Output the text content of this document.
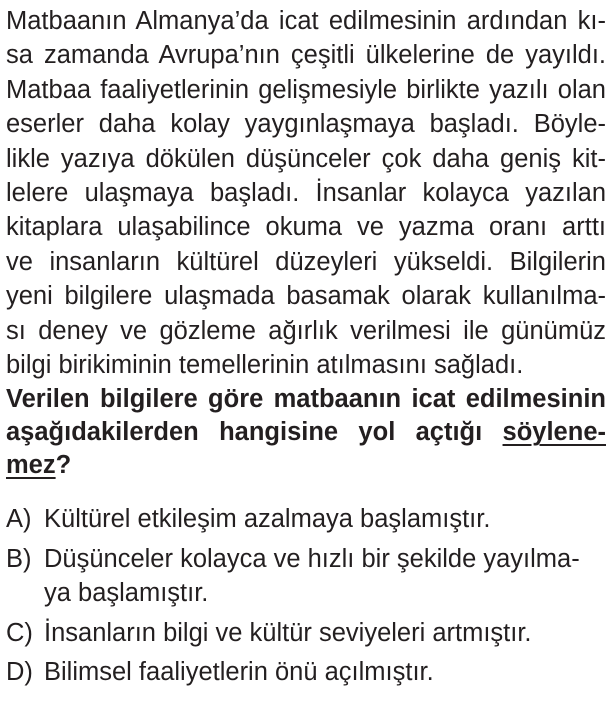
Matbaanın Almanya’da icat edilmesinin ardından kı-
sa zamanda Avrupa’nın çeşitli ülkelerine de yayıldı.
Matbaa faaliyetlerinin gelişmesiyle birlikte yazılı olan
eserler daha kolay yaygınlaşmaya başladı. Böyle-
likle yazıya dökülen düşünceler çok daha geniş kit-
lelere ulaşmaya başladı. İnsanlar kolayca yazılan
kitaplara ulaşabilince okuma ve yazma oranı arttı
ve insanların kültürel düzeyleri yükseldi. Bilgilerin
yeni bilgilere ulaşmada basamak olarak kullanılma-
sı deney ve gözleme ağırlık verilmesi ile günümüz
bilgi birikiminin temellerinin atılmasını sağladı.
Verilen bilgilere göre matbaanın icat edilmesinin
aşağıdakilerden hangisine yol açtığı söylene-
mez?
A) Kültürel etkileşim azalmaya başlamıştır.
B) Düşünceler kolayca ve hızlı bir şekilde yayılma-
ya başlamıştır.
C) İnsanların bilgi ve kültür seviyeleri artmıştır.
D) Bilimsel faaliyetlerin önü açılmıştır.
